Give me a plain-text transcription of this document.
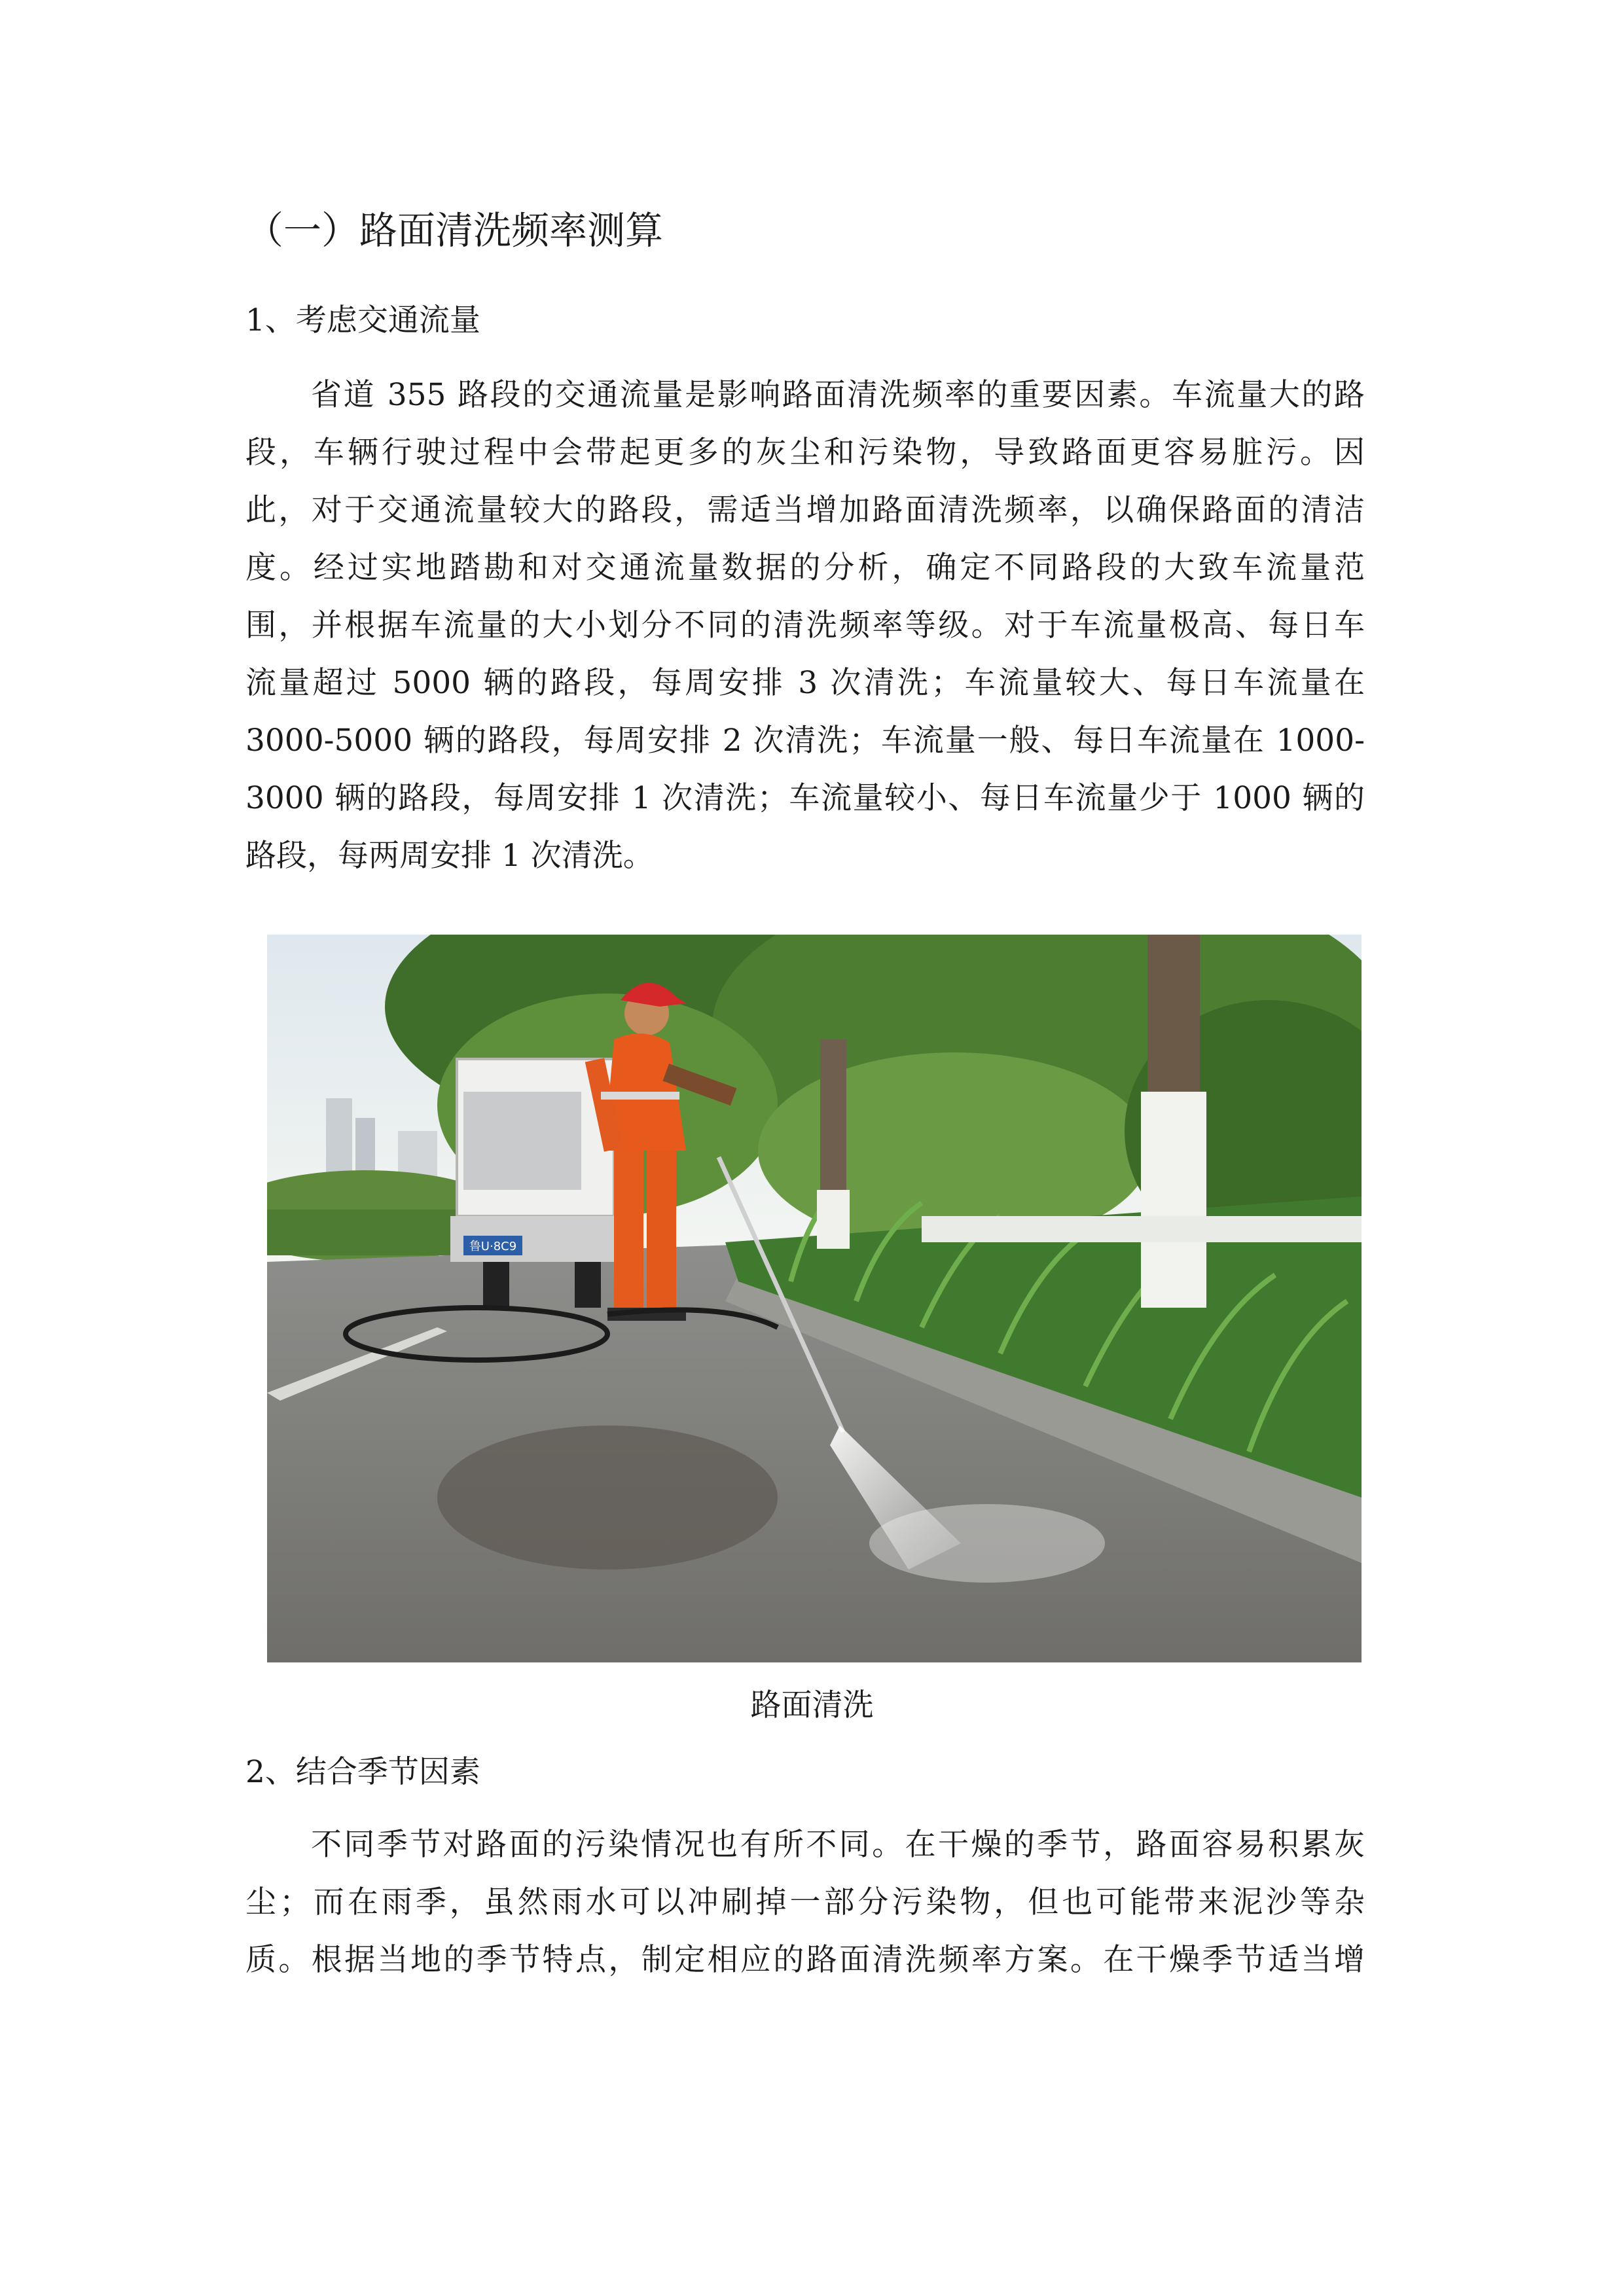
（一）路面清洗频率测算
1、考虑交通流量

省道 355 路段的交通流量是影响路面清洗频率的重要因素。车流量大的路
段，车辆行驶过程中会带起更多的灰尘和污染物，导致路面更容易脏污。因
此，对于交通流量较大的路段，需适当增加路面清洗频率，以确保路面的清洁
度。经过实地踏勘和对交通流量数据的分析，确定不同路段的大致车流量范
围，并根据车流量的大小划分不同的清洗频率等级。对于车流量极高、每日车
流量超过 5000 辆的路段，每周安排 3 次清洗；车流量较大、每日车流量在
3000-5000 辆的路段，每周安排 2 次清洗；车流量一般、每日车流量在 1000-
3000 辆的路段，每周安排 1 次清洗；车流量较小、每日车流量少于 1000 辆的
路段，每两周安排 1 次清洗。

鲁U·8C9

路面清洗

2、结合季节因素

不同季节对路面的污染情况也有所不同。在干燥的季节，路面容易积累灰
尘；而在雨季，虽然雨水可以冲刷掉一部分污染物，但也可能带来泥沙等杂
质。根据当地的季节特点，制定相应的路面清洗频率方案。在干燥季节适当增
